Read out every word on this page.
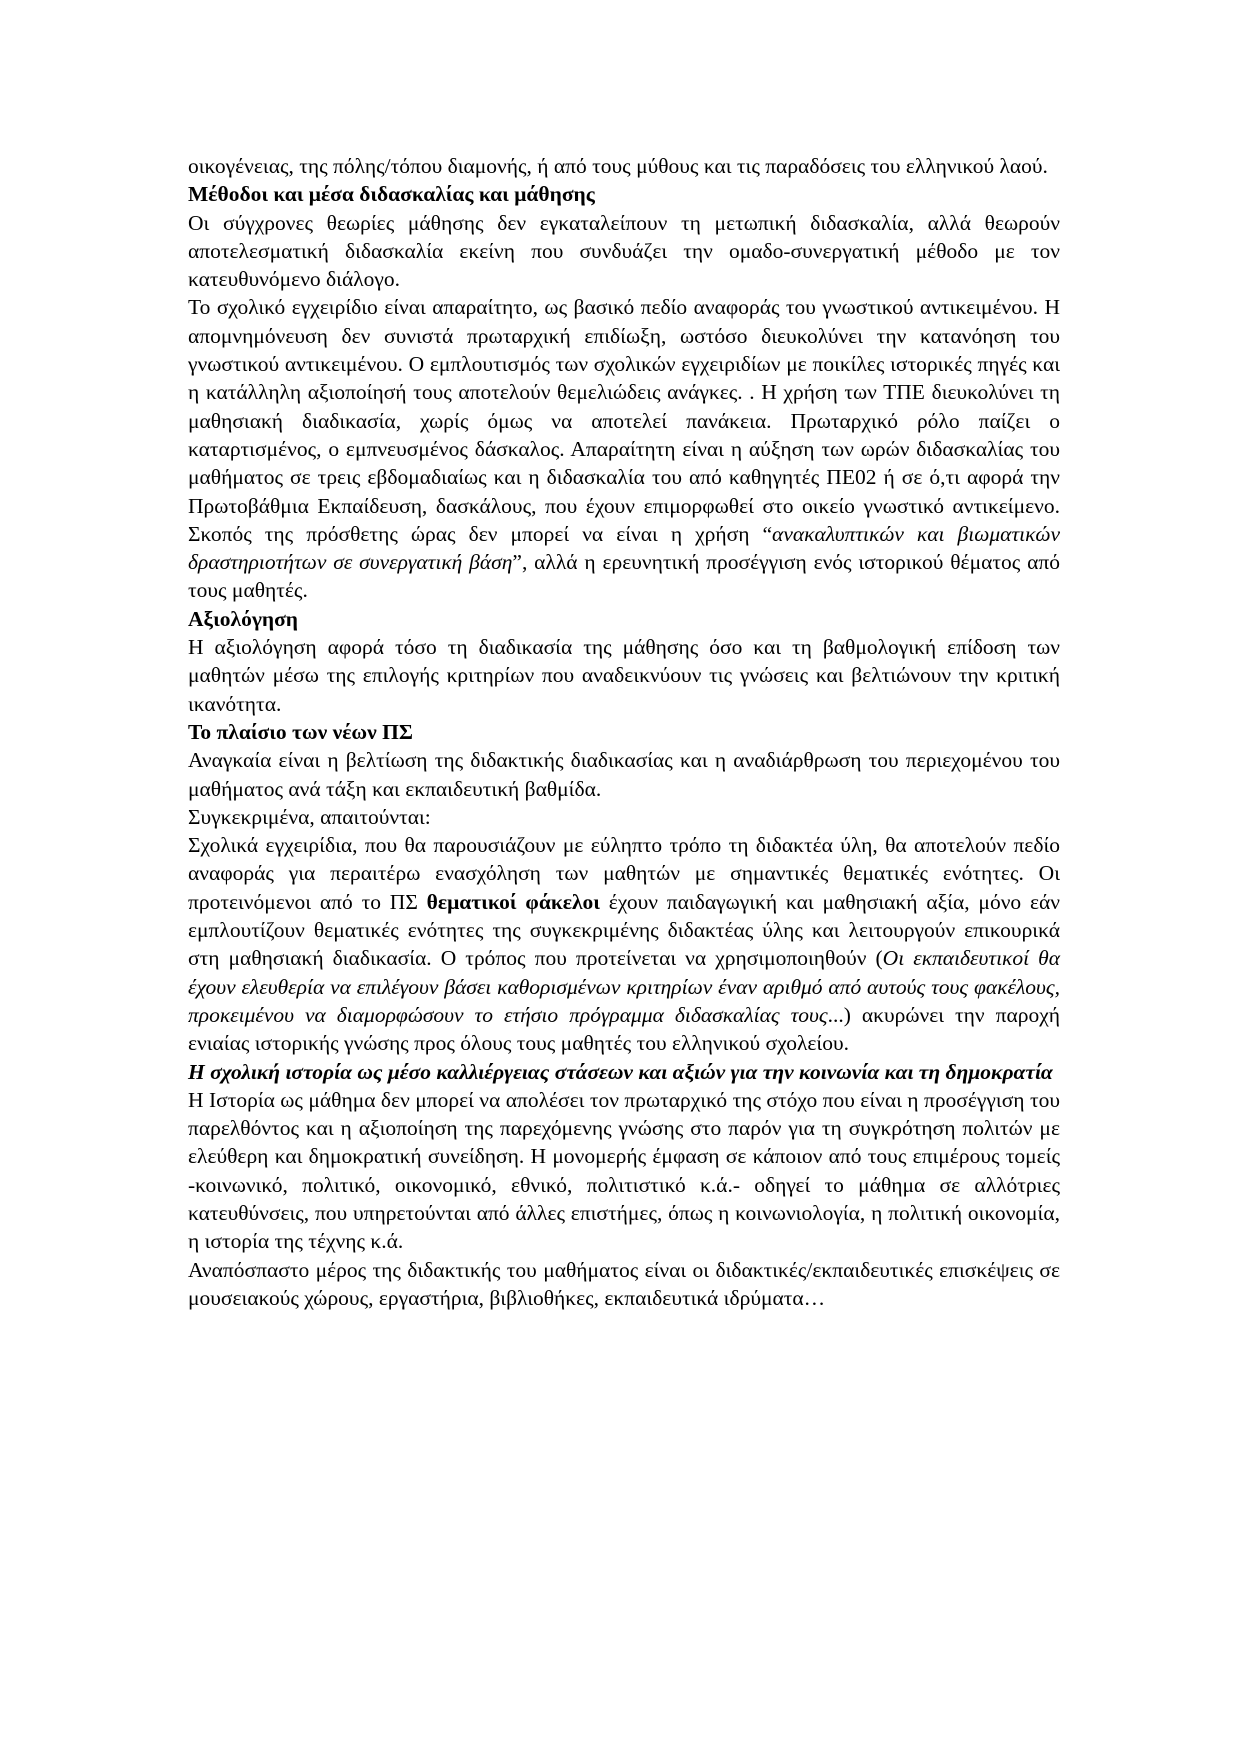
οικογένειας, της πόλης/τόπου διαμονής, ή από τους μύθους και τις παραδόσεις του ελληνικού λαού.

Μέθοδοι και μέσα διδασκαλίας και μάθησης

Οι σύγχρονες θεωρίες μάθησης δεν εγκαταλείπουν τη μετωπική διδασκαλία, αλλά θεωρούν αποτελεσματική διδασκαλία εκείνη που συνδυάζει την ομαδο-συνεργατική μέθοδο με τον κατευθυνόμενο διάλογο.

Το σχολικό εγχειρίδιο είναι απαραίτητο, ως βασικό πεδίο αναφοράς του γνωστικού αντικειμένου. Η απομνημόνευση δεν συνιστά πρωταρχική επιδίωξη, ωστόσο διευκολύνει την κατανόηση του γνωστικού αντικειμένου. Ο εμπλουτισμός των σχολικών εγχειριδίων με ποικίλες ιστορικές πηγές και η κατάλληλη αξιοποίησή τους αποτελούν θεμελιώδεις ανάγκες. . Η χρήση των ΤΠΕ διευκολύνει τη μαθησιακή διαδικασία, χωρίς όμως να αποτελεί πανάκεια. Πρωταρχικό ρόλο παίζει ο καταρτισμένος, ο εμπνευσμένος δάσκαλος. Απαραίτητη είναι η αύξηση των ωρών διδασκαλίας του μαθήματος σε τρεις εβδομαδιαίως και η διδασκαλία του από καθηγητές ΠΕ02 ή σε ό,τι αφορά την Πρωτοβάθμια Εκπαίδευση, δασκάλους, που έχουν επιμορφωθεί στο οικείο γνωστικό αντικείμενο. Σκοπός της πρόσθετης ώρας δεν μπορεί να είναι η χρήση “ανακαλυπτικών και βιωματικών δραστηριοτήτων σε συνεργατική βάση”, αλλά η ερευνητική προσέγγιση ενός ιστορικού θέματος από τους μαθητές.

Αξιολόγηση

Η αξιολόγηση αφορά τόσο τη διαδικασία της μάθησης όσο και τη βαθμολογική επίδοση των μαθητών μέσω της επιλογής κριτηρίων που αναδεικνύουν τις γνώσεις και βελτιώνουν την κριτική ικανότητα.

Το πλαίσιο των νέων ΠΣ

Αναγκαία είναι η βελτίωση της διδακτικής διαδικασίας και η αναδιάρθρωση του περιεχομένου του μαθήματος ανά τάξη και εκπαιδευτική βαθμίδα.

Συγκεκριμένα, απαιτούνται:

Σχολικά εγχειρίδια, που θα παρουσιάζουν με εύληπτο τρόπο τη διδακτέα ύλη, θα αποτελούν πεδίο αναφοράς για περαιτέρω ενασχόληση των μαθητών με σημαντικές θεματικές ενότητες. Οι προτεινόμενοι από το ΠΣ θεματικοί φάκελοι έχουν παιδαγωγική και μαθησιακή αξία, μόνο εάν εμπλουτίζουν θεματικές ενότητες της συγκεκριμένης διδακτέας ύλης και λειτουργούν επικουρικά στη μαθησιακή διαδικασία. Ο τρόπος που προτείνεται να χρησιμοποιηθούν (Οι εκπαιδευτικοί θα έχουν ελευθερία να επιλέγουν βάσει καθορισμένων κριτηρίων έναν αριθμό από αυτούς τους φακέλους, προκειμένου να διαμορφώσουν το ετήσιο πρόγραμμα διδασκαλίας τους...) ακυρώνει την παροχή ενιαίας ιστορικής γνώσης προς όλους τους μαθητές του ελληνικού σχολείου.

Η σχολική ιστορία ως μέσο καλλιέργειας στάσεων και αξιών για την κοινωνία και τη δημοκρατία

Η Ιστορία ως μάθημα δεν μπορεί να απολέσει τον πρωταρχικό της στόχο που είναι η προσέγγιση του παρελθόντος και η αξιοποίηση της παρεχόμενης γνώσης στο παρόν για τη συγκρότηση πολιτών με ελεύθερη και δημοκρατική συνείδηση. Η μονομερής έμφαση σε κάποιον από τους επιμέρους τομείς -κοινωνικό, πολιτικό, οικονομικό, εθνικό, πολιτιστικό κ.ά.- οδηγεί το μάθημα σε αλλότριες κατευθύνσεις, που υπηρετούνται από άλλες επιστήμες, όπως η κοινωνιολογία, η πολιτική οικονομία, η ιστορία της τέχνης κ.ά.

Αναπόσπαστο μέρος της διδακτικής του μαθήματος είναι οι διδακτικές/εκπαιδευτικές επισκέψεις σε μουσειακούς χώρους, εργαστήρια, βιβλιοθήκες, εκπαιδευτικά ιδρύματα…
